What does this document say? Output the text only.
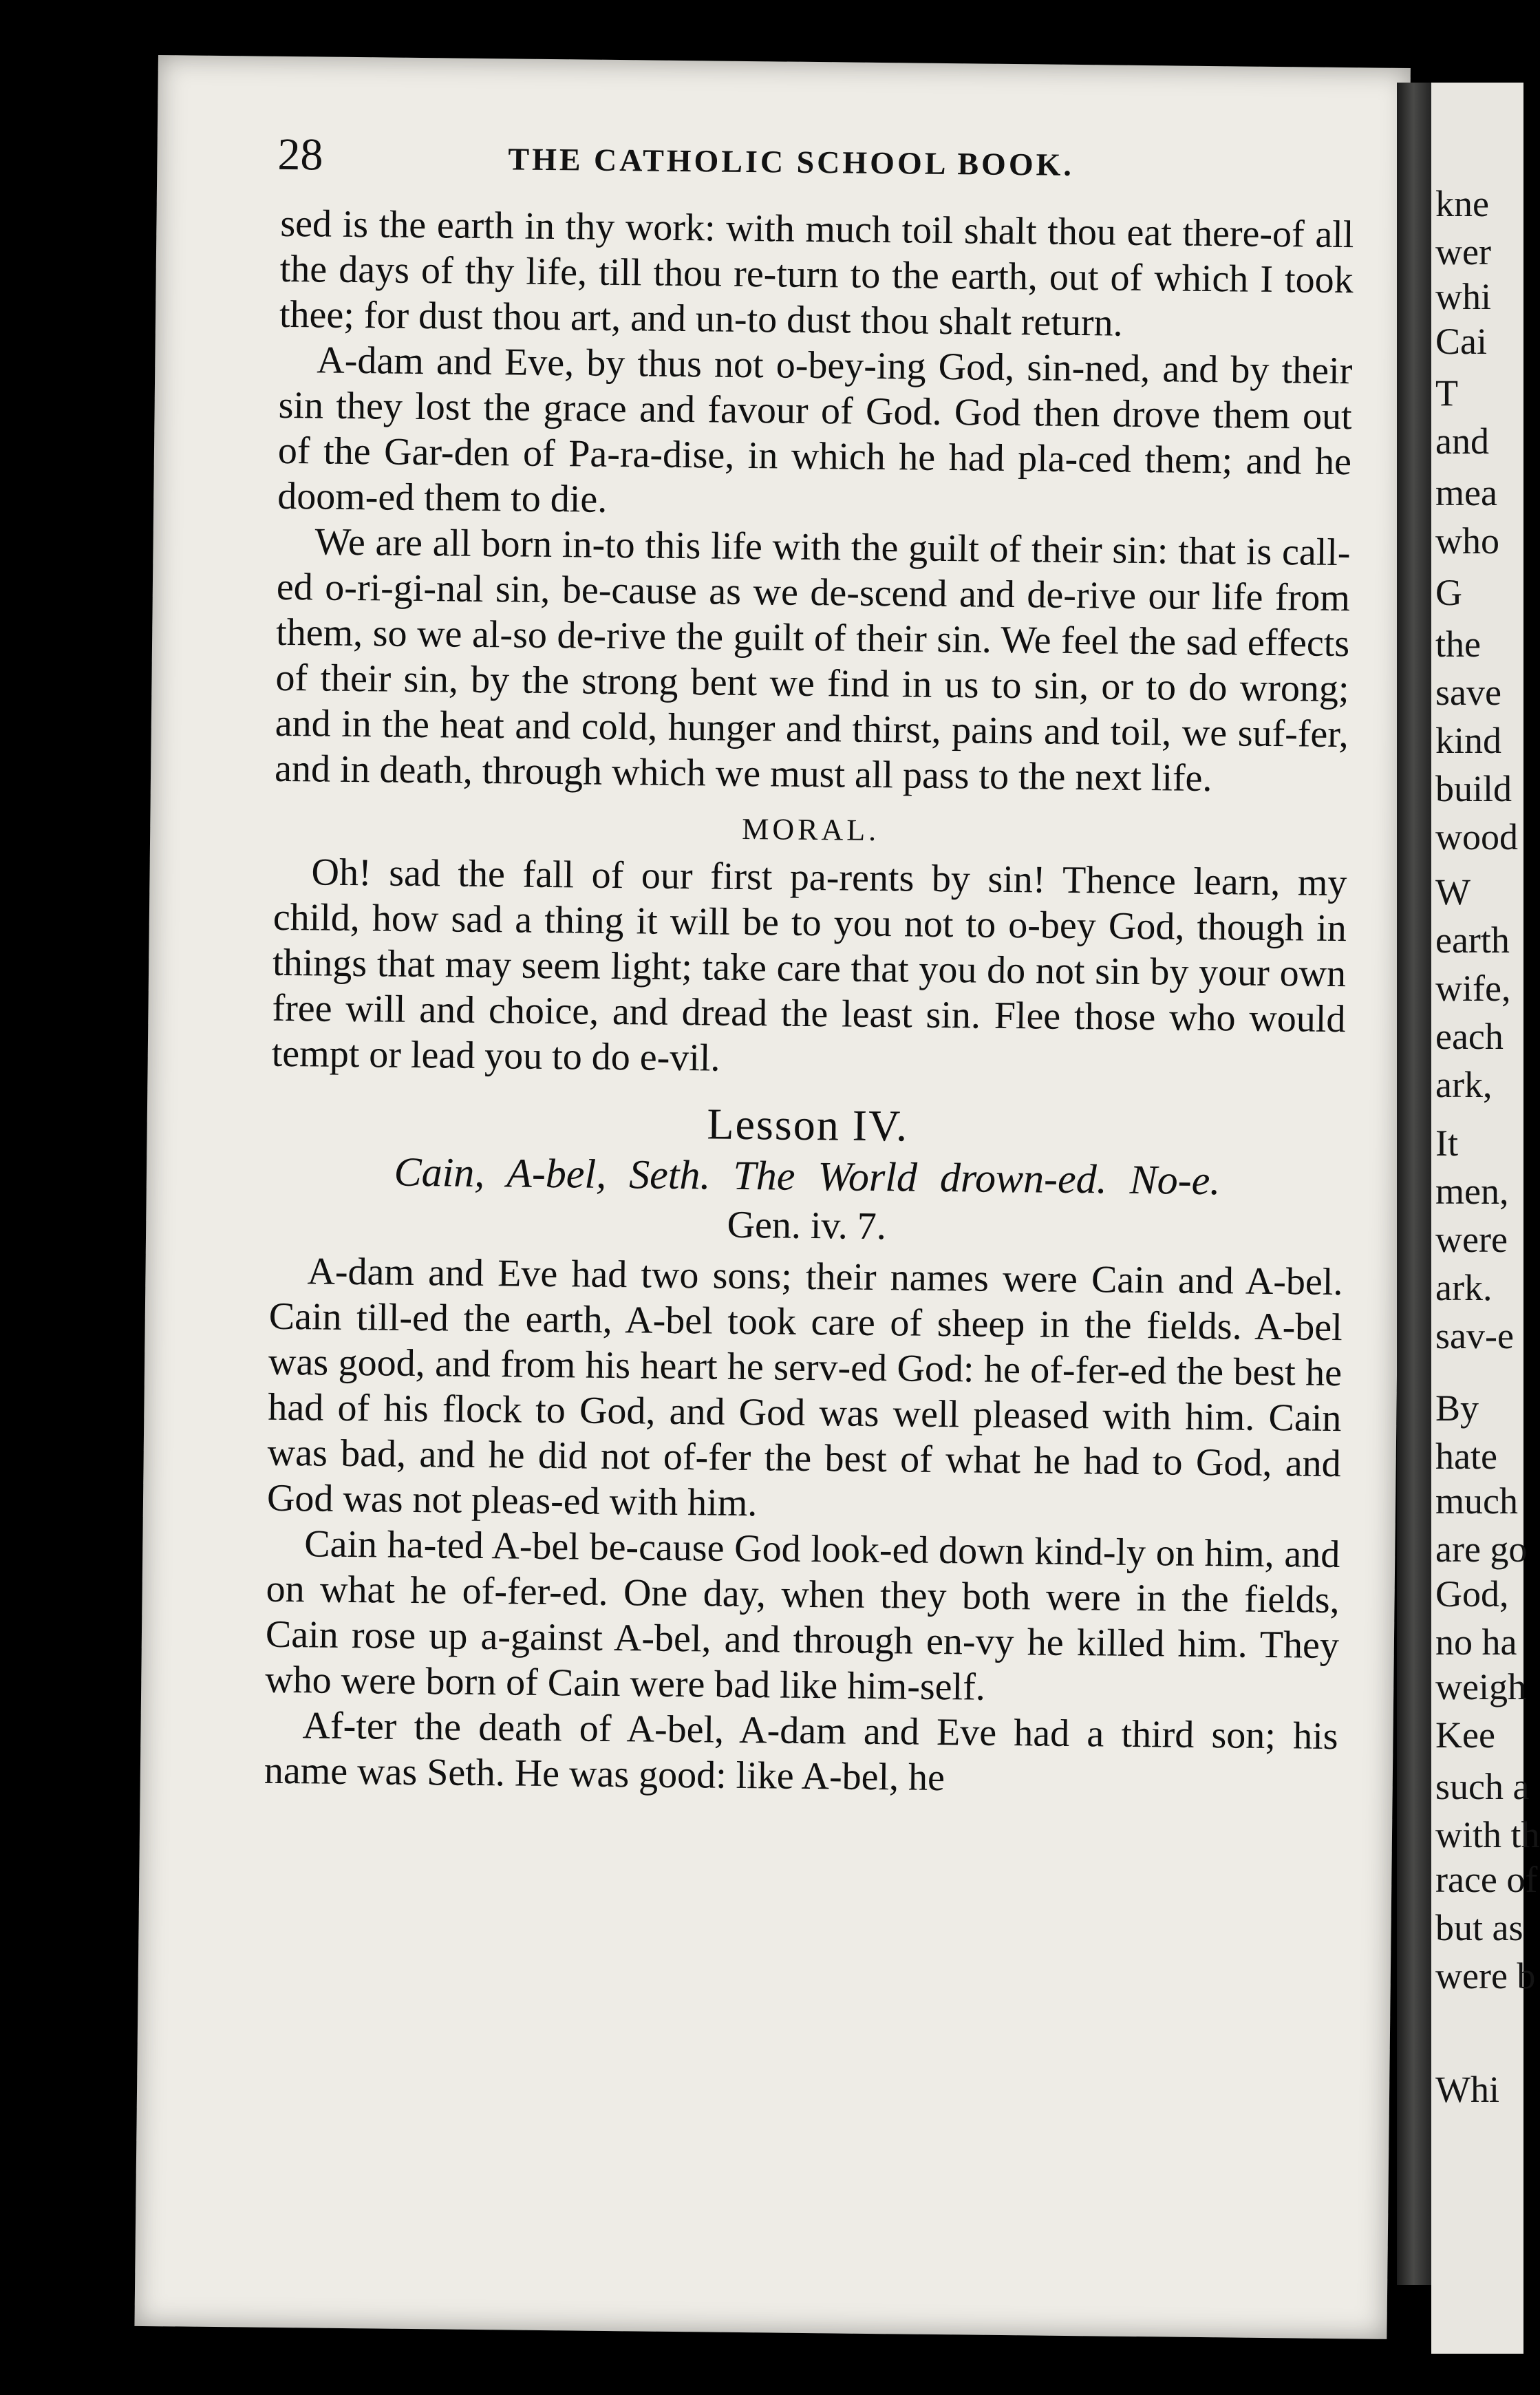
28	THE CATHOLIC SCHOOL BOOK.

sed is the earth in thy work: with much toil shalt thou eat there-of all the days of thy life, till thou re-turn to the earth, out of which I took thee; for dust thou art, and un-to dust thou shalt return.

A-dam and Eve, by thus not o-bey-ing God, sin-ned, and by their sin they lost the grace and favour of God. God then drove them out of the Gar-den of Pa-ra-dise, in which he had pla-ced them; and he doom-ed them to die.

We are all born in-to this life with the guilt of their sin: that is call-ed o-ri-gi-nal sin, be-cause as we de-scend and de-rive our life from them, so we al-so de-rive the guilt of their sin. We feel the sad effects of their sin, by the strong bent we find in us to sin, or to do wrong; and in the heat and cold, hunger and thirst, pains and toil, we suf-fer, and in death, through which we must all pass to the next life.

MORAL.

Oh! sad the fall of our first pa-rents by sin! Thence learn, my child, how sad a thing it will be to you not to o-bey God, though in things that may seem light; take care that you do not sin by your own free will and choice, and dread the least sin. Flee those who would tempt or lead you to do e-vil.

Lesson IV.

Cain, A-bel, Seth. The World drown-ed. No-e.

Gen. iv. 7.

A-dam and Eve had two sons; their names were Cain and A-bel. Cain till-ed the earth, A-bel took care of sheep in the fields. A-bel was good, and from his heart he serv-ed God: he of-fer-ed the best he had of his flock to God, and God was well pleased with him. Cain was bad, and he did not of-fer the best of what he had to God, and God was not pleas-ed with him.

Cain ha-ted A-bel be-cause God look-ed down kind-ly on him, and on what he of-fer-ed. One day, when they both were in the fields, Cain rose up a-gainst A-bel, and through en-vy he killed him. They who were born of Cain were bad like him-self.

Af-ter the death of A-bel, A-dam and Eve had a third son; his name was Seth. He was good: like A-bel, he

kne
wer
whi
Cai
T
and
mea
who
G
the
save
kind
build
wood
W
earth
wife,
each
ark,
It
men,
were
ark.
sav-e
By
hate
much
are go
God,
no ha
weigh
Kee
such a
with th
race of
but as
were b
Whi
